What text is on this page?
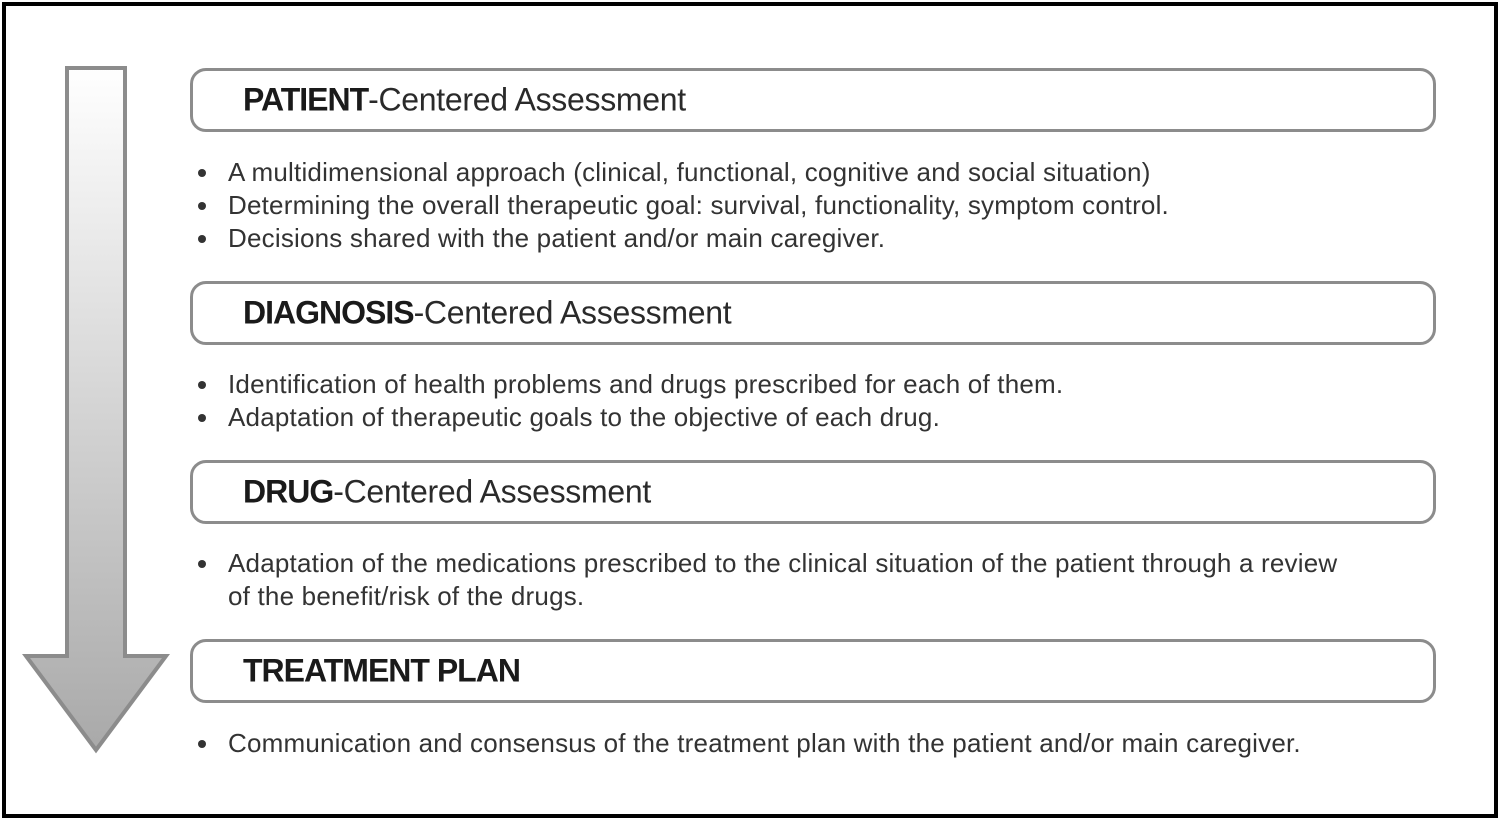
PATIENT-Centered Assessment
A multidimensional approach (clinical, functional, cognitive and social situation)
Determining the overall therapeutic goal: survival, functionality, symptom control.
Decisions shared with the patient and/or main caregiver.
DIAGNOSIS-Centered Assessment
Identification of health problems and drugs prescribed for each of them.
Adaptation of therapeutic goals to the objective of each drug.
DRUG-Centered Assessment
Adaptation of the medications prescribed to the clinical situation of the patient through a review of the benefit/risk of the drugs.
TREATMENT PLAN
Communication and consensus of the treatment plan with the patient and/or main caregiver.
